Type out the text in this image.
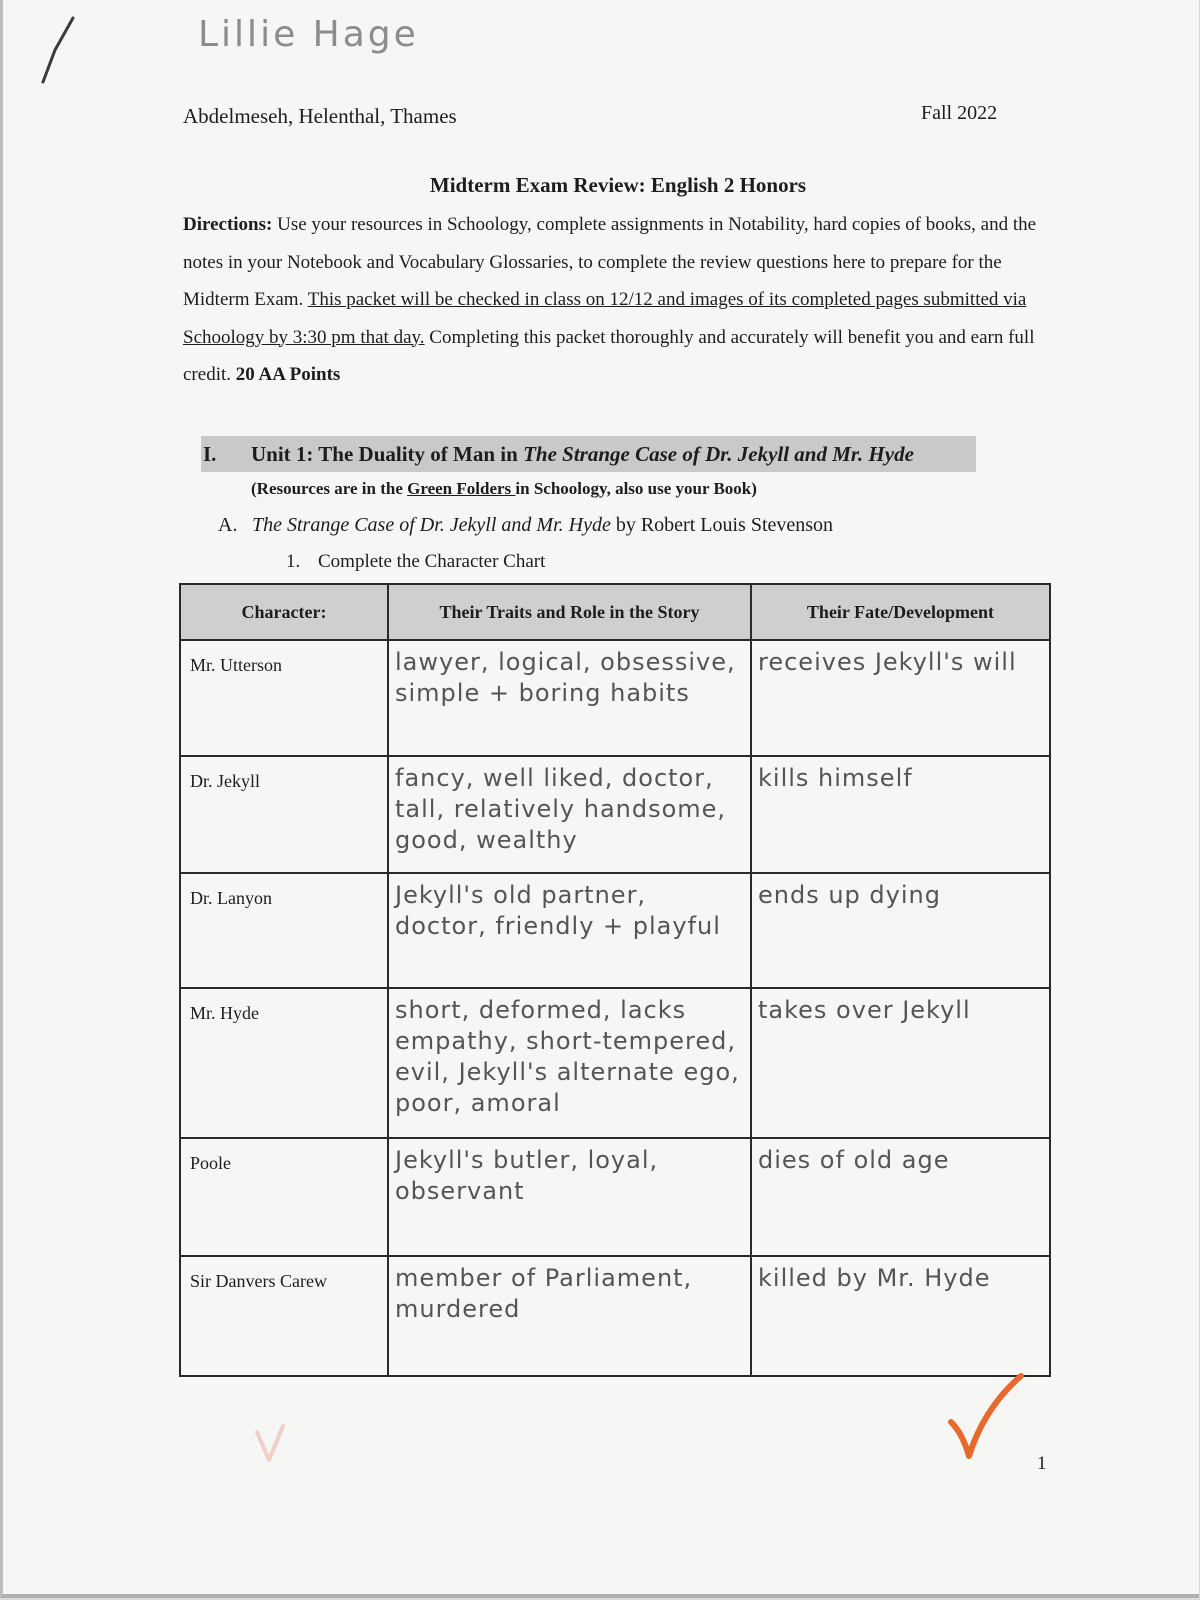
Lillie Hage
Abdelmeseh, Helenthal, Thames	Fall 2022
Midterm Exam Review: English 2 Honors
Directions: Use your resources in Schoology, complete assignments in Notability, hard copies of books, and the notes in your Notebook and Vocabulary Glossaries, to complete the review questions here to prepare for the Midterm Exam. This packet will be checked in class on 12/12 and images of its completed pages submitted via Schoology by 3:30 pm that day. Completing this packet thoroughly and accurately will benefit you and earn full credit. 20 AA Points
I. Unit 1: The Duality of Man in The Strange Case of Dr. Jekyll and Mr. Hyde
(Resources are in the Green Folders in Schoology, also use your Book)
A. The Strange Case of Dr. Jekyll and Mr. Hyde by Robert Louis Stevenson
1. Complete the Character Chart
Character:	Their Traits and Role in the Story	Their Fate/Development
Mr. Utterson	lawyer, logical, obsessive, simple + boring habits	receives Jekyll's will
Dr. Jekyll	fancy, well liked, doctor, tall, relatively handsome, good, wealthy	kills himself
Dr. Lanyon	Jekyll's old partner, doctor, friendly + playful	ends up dying
Mr. Hyde	short, deformed, lacks empathy, short-tempered, evil, Jekyll's alternate ego, poor, amoral	takes over Jekyll
Poole	Jekyll's butler, loyal, observant	dies of old age
Sir Danvers Carew	member of Parliament, murdered	killed by Mr. Hyde
1
